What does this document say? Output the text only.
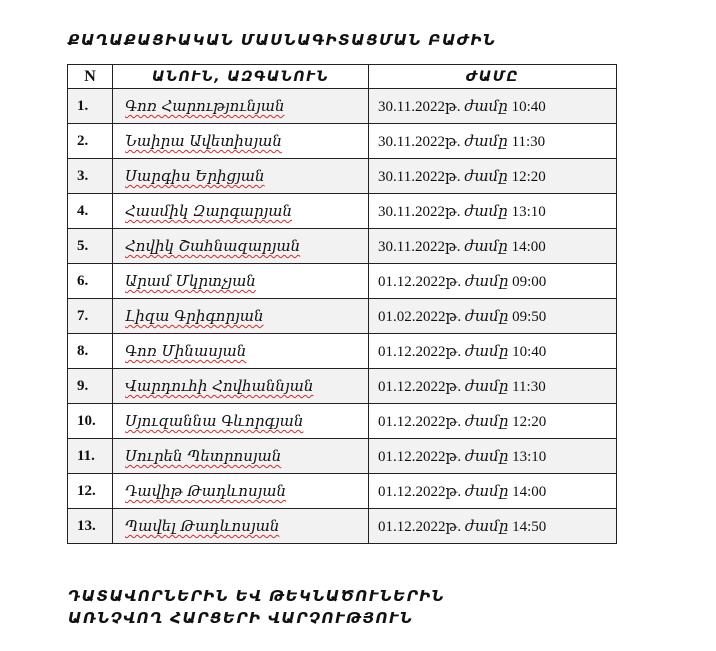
ՔԱՂԱՔԱՑԻԱԿԱՆ ՄԱՍՆԱԳԻՏԱՑՄԱՆ ԲԱԺԻՆ
N	ԱՆՈՒՆ, ԱԶԳԱՆՈՒՆ	ԺԱՄԸ
1.	Գոռ Հարությունյան	30.11.2022թ. ժամը 10:40
2.	Նաիրա Ավետիսյան	30.11.2022թ. ժամը 11:30
3.	Սարգիս Երիցյան	30.11.2022թ. ժամը 12:20
4.	Հասմիկ Զարգարյան	30.11.2022թ. ժամը 13:10
5.	Հովիկ Շահնազարյան	30.11.2022թ. ժամը 14:00
6.	Արամ Մկրտչյան	01.12.2022թ. ժամը 09:00
7.	Լիզա Գրիգորյան	01.02.2022թ. ժամը 09:50
8.	Գոռ Մինասյան	01.12.2022թ. ժամը 10:40
9.	Վարդուհի Հովհաննյան	01.12.2022թ. ժամը 11:30
10.	Սյուզաննա Գևորգյան	01.12.2022թ. ժամը 12:20
11.	Սուրեն Պետրոսյան	01.12.2022թ. ժամը 13:10
12.	Դավիթ Թադևոսյան	01.12.2022թ. ժամը 14:00
13.	Պավել Թադևոսյան	01.12.2022թ. ժամը 14:50
ԴԱՏԱՎՈՐՆԵՐԻՆ ԵՎ ԹԵԿՆԱԾՈՒՆԵՐԻՆ
ԱՌՆՉՎՈՂ ՀԱՐՑԵՐԻ ՎԱՐՉՈՒԹՅՈՒՆ
